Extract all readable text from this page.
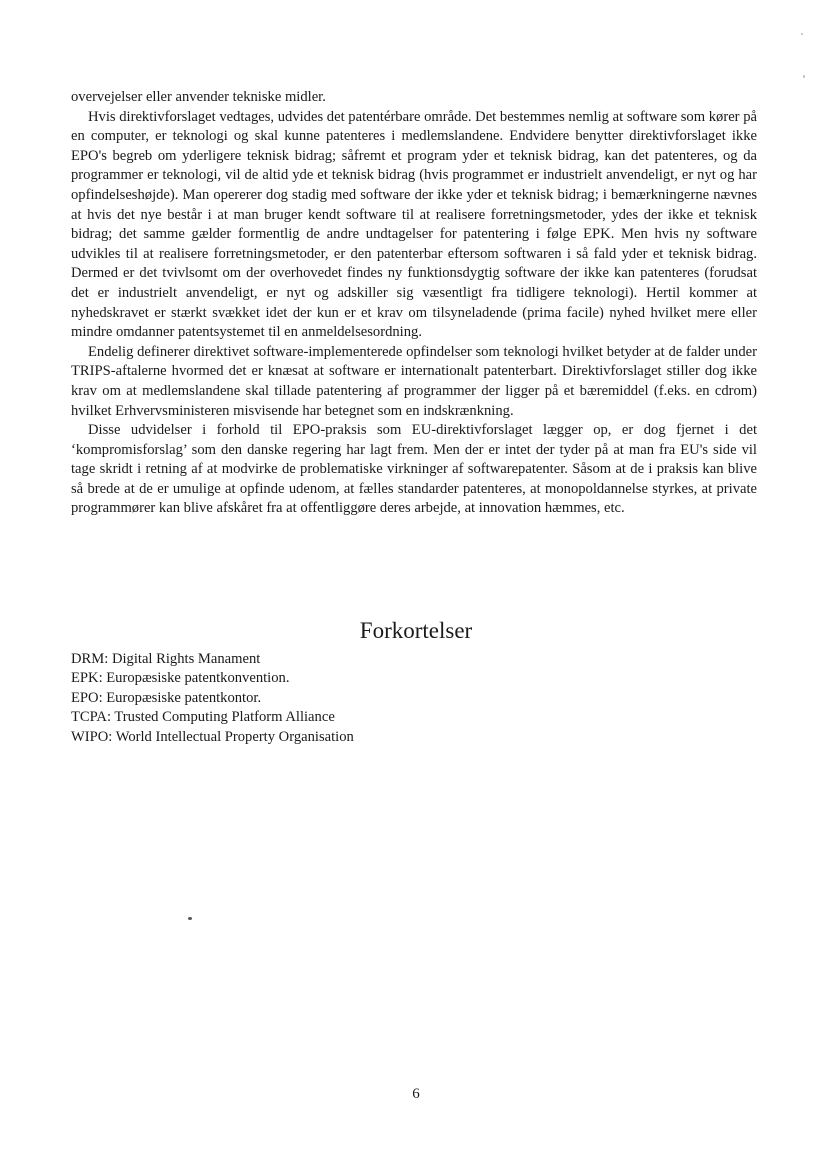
overvejelser eller anvender tekniske midler.

Hvis direktivforslaget vedtages, udvides det patentérbare område. Det bestemmes nemlig at software som kører på en computer, er teknologi og skal kunne patenteres i medlemslandene. Endvidere benytter direktivforslaget ikke EPO's begreb om yderligere teknisk bidrag; såfremt et program yder et teknisk bidrag, kan det patenteres, og da programmer er teknologi, vil de altid yde et teknisk bidrag (hvis programmet er industrielt anvendeligt, er nyt og har opfindelseshøjde). Man opererer dog stadig med software der ikke yder et teknisk bidrag; i bemærkningerne nævnes at hvis det nye består i at man bruger kendt software til at realisere forretningsmetoder, ydes der ikke et teknisk bidrag; det samme gælder formentlig de andre undtagelser for patentering i følge EPK. Men hvis ny software udvikles til at realisere forretningsmetoder, er den patenterbar eftersom softwaren i så fald yder et teknisk bidrag. Dermed er det tvivlsomt om der overhovedet findes ny funktionsdygtig software der ikke kan patenteres (forudsat det er industrielt anvendeligt, er nyt og adskiller sig væsentligt fra tidligere teknologi). Hertil kommer at nyhedskravet er stærkt svækket idet der kun er et krav om tilsyneladende (prima facile) nyhed hvilket mere eller mindre omdanner patentsystemet til en anmeldelsesordning.

Endelig definerer direktivet software-implementerede opfindelser som teknologi hvilket betyder at de falder under TRIPS-aftalerne hvormed det er knæsat at software er internationalt patenterbart. Direktivforslaget stiller dog ikke krav om at medlemslandene skal tillade patentering af programmer der ligger på et bæremiddel (f.eks. en cdrom) hvilket Erhvervsministeren misvisende har betegnet som en indskrænkning.

Disse udvidelser i forhold til EPO-praksis som EU-direktivforslaget lægger op, er dog fjernet i det ‘kompromisforslag’ som den danske regering har lagt frem. Men der er intet der tyder på at man fra EU's side vil tage skridt i retning af at modvirke de problematiske virkninger af softwarepatenter. Såsom at de i praksis kan blive så brede at de er umulige at opfinde udenom, at fælles standarder patenteres, at monopoldannelse styrkes, at private programmører kan blive afskåret fra at offentliggøre deres arbejde, at innovation hæmmes, etc.

Forkortelser
DRM: Digital Rights Manament
EPK: Europæsiske patentkonvention.
EPO: Europæsiske patentkontor.
TCPA: Trusted Computing Platform Alliance
WIPO: World Intellectual Property Organisation
6
